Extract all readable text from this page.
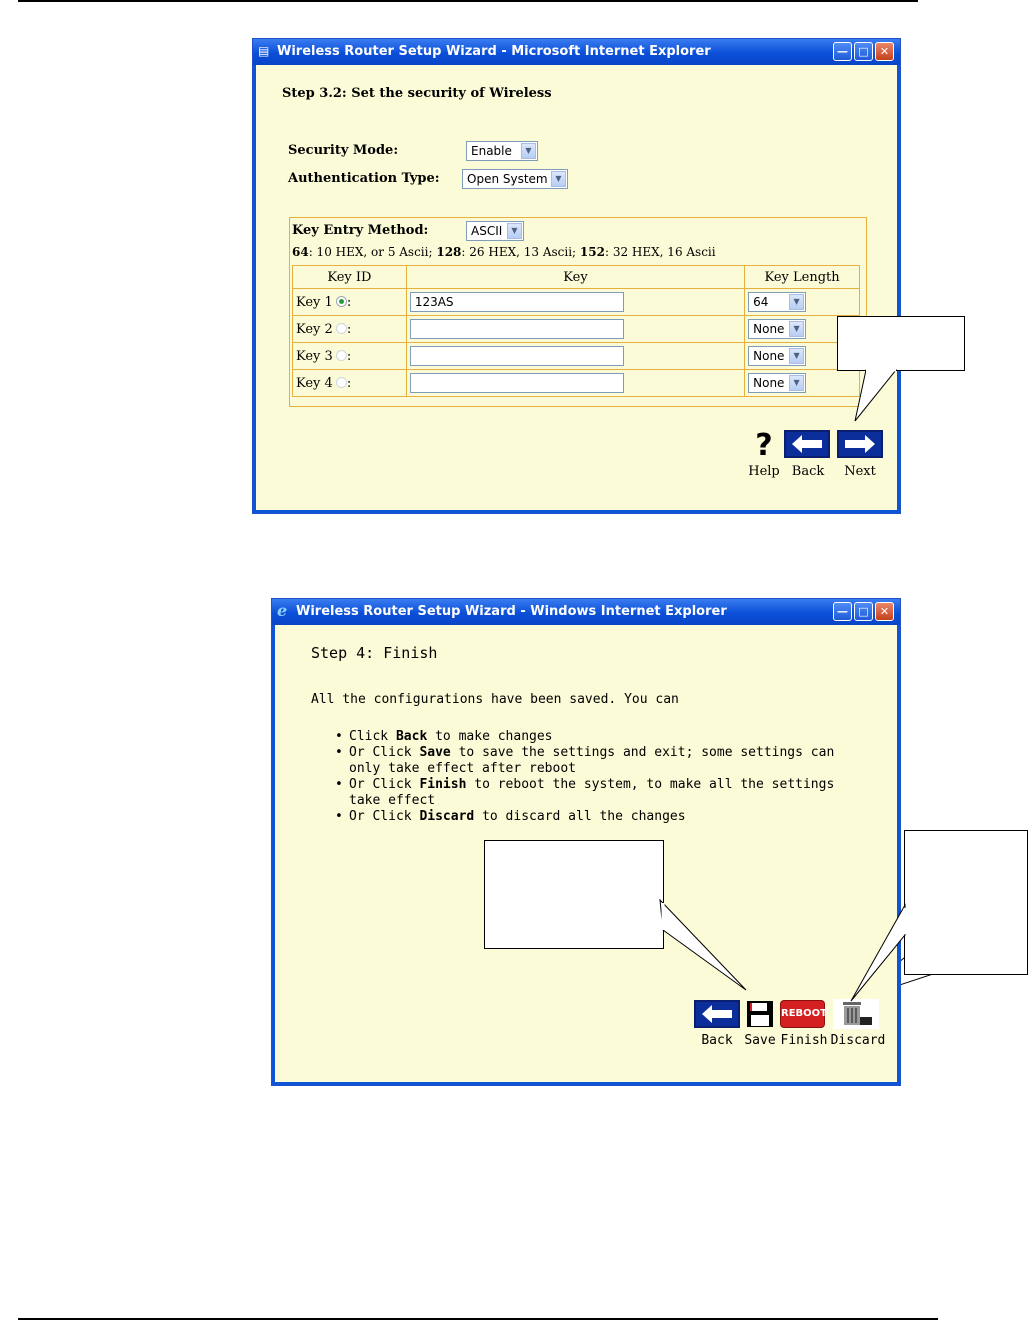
▤ Wireless Router Setup Wizard - Microsoft Internet Explorer	— □	✕
Step 3.2: Set the security of Wireless
Security Mode:	Enable	▼
Authentication Type:	Open System ▼
Key Entry Method:	ASCII	▼
64: 10 HEX, or 5 Ascii; 128: 26 HEX, 13 Ascii; 152: 32 HEX, 16 Ascii
Key ID	Key	Key Length
Key 1 :	123AS	64 ▼

Key 2 :		None ▼

Key 3 :		None ▼

Key 4 :		None ▼
?
Help Back	Next
e Wireless Router Setup Wizard - Windows Internet Explorer	— □	✕
Step 4: Finish
All the configurations have been saved. You can
• Click Back to make changes
• Or Click Save to save the settings and exit; some settings can
only take effect after reboot
• Or Click Finish to reboot the system, to make all the settings
take effect
• Or Click Discard to discard all the changes
REBOOT
Back Save Finish Discard
